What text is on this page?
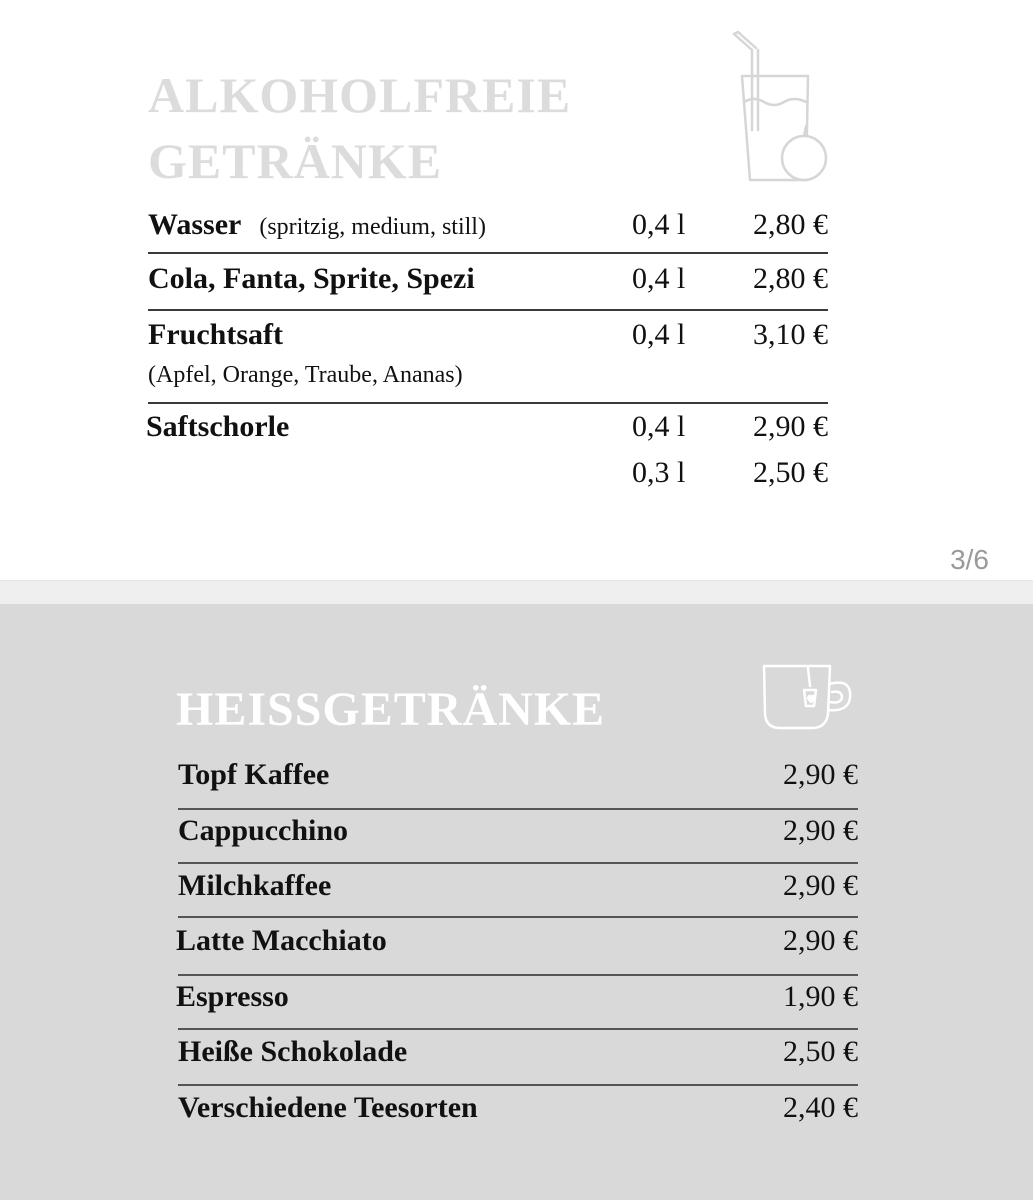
ALKOHOLFREIE
GETRÄNKE
Wasser (spritzig, medium, still)	0,4 l 2,80 €
Cola, Fanta, Sprite, Spezi	0,4 l 2,80 €
Fruchtsaft
(Apfel, Orange, Traube, Ananas)
0,4 l 3,10 €
Saftschorle	0,4 l 2,90 €
0,3 l 2,50 €
3/6
HEISSGETRÄNKE
Topf Kaffee	2,90 €
Cappucchino	2,90 €
Milchkaffee	2,90 €
Latte Macchiato	2,90 €
Espresso	1,90 €
Heiße Schokolade	2,50 €
Verschiedene Teesorten	2,40 €
